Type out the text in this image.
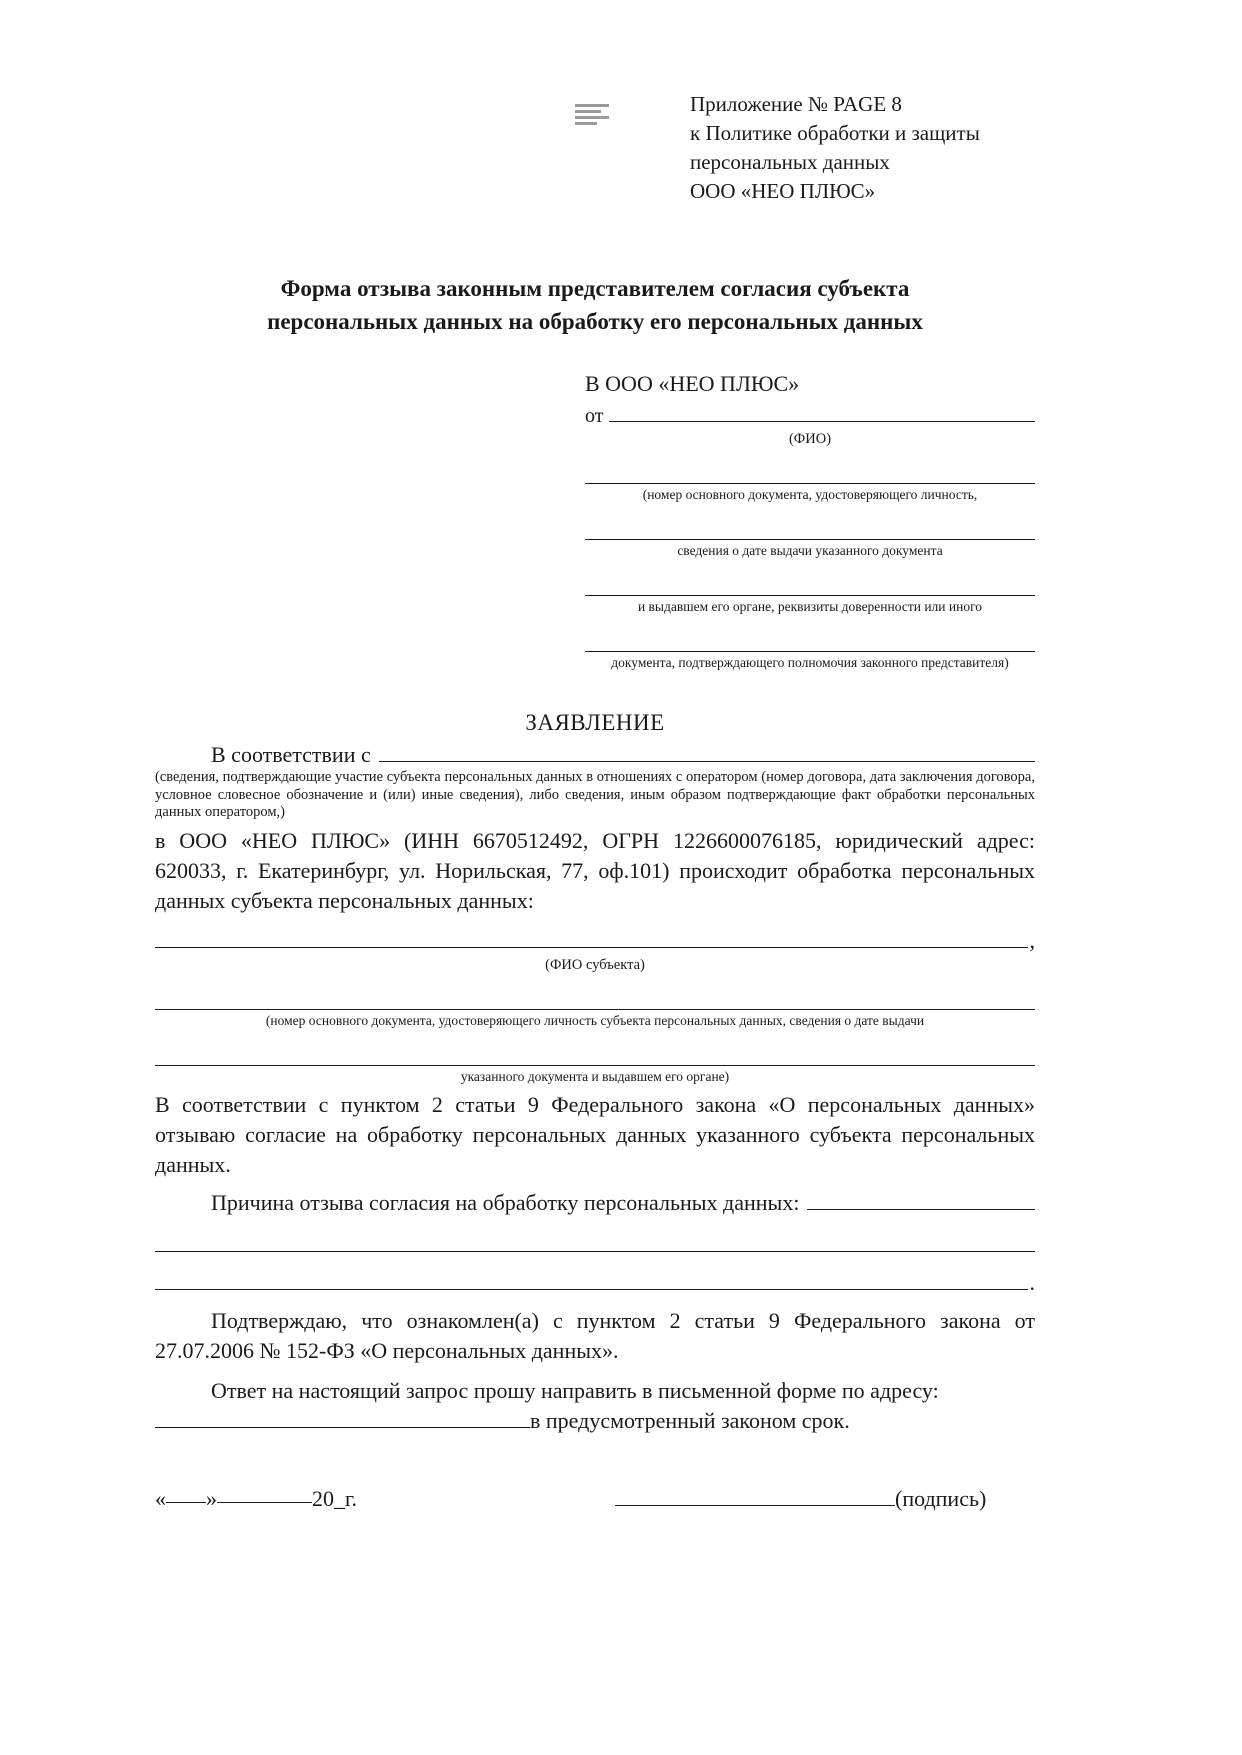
Приложение № PAGE 8
к Политике обработки и защиты
персональных данных
ООО «НЕО ПЛЮС»
Форма отзыва законным представителем согласия субъекта
персональных данных на обработку его персональных данных
В ООО «НЕО ПЛЮС»
от
(ФИО)
(номер основного документа, удостоверяющего личность,
сведения о дате выдачи указанного документа
и выдавшем его органе, реквизиты доверенности или иного
документа, подтверждающего полномочия законного представителя)
ЗАЯВЛЕНИЕ
В соответствии с
(сведения, подтверждающие участие субъекта персональных данных в отношениях с оператором (номер договора, дата заключения договора, условное словесное обозначение и (или) иные сведения), либо сведения, иным образом подтверждающие факт обработки персональных данных оператором,)
в ООО «НЕО ПЛЮС» (ИНН 6670512492, ОГРН 1226600076185, юридический адрес: 620033, г. Екатеринбург, ул. Норильская, 77, оф.101) происходит обработка персональных данных субъекта персональных данных:
,
(ФИО субъекта)
(номер основного документа, удостоверяющего личность субъекта персональных данных, сведения о дате выдачи
указанного документа и выдавшем его органе)
В соответствии с пунктом 2 статьи 9 Федерального закона «О персональных данных» отзываю согласие на обработку персональных данных указанного субъекта персональных данных.
Причина отзыва согласия на обработку персональных данных:
.
Подтверждаю, что ознакомлен(а) с пунктом 2 статьи 9 Федерального закона от 27.07.2006 № 152-ФЗ «О персональных данных».
Ответ на настоящий запрос прошу направить в письменной форме по адресу:
в предусмотренный законом срок.
« »	20_г.	(подпись)
